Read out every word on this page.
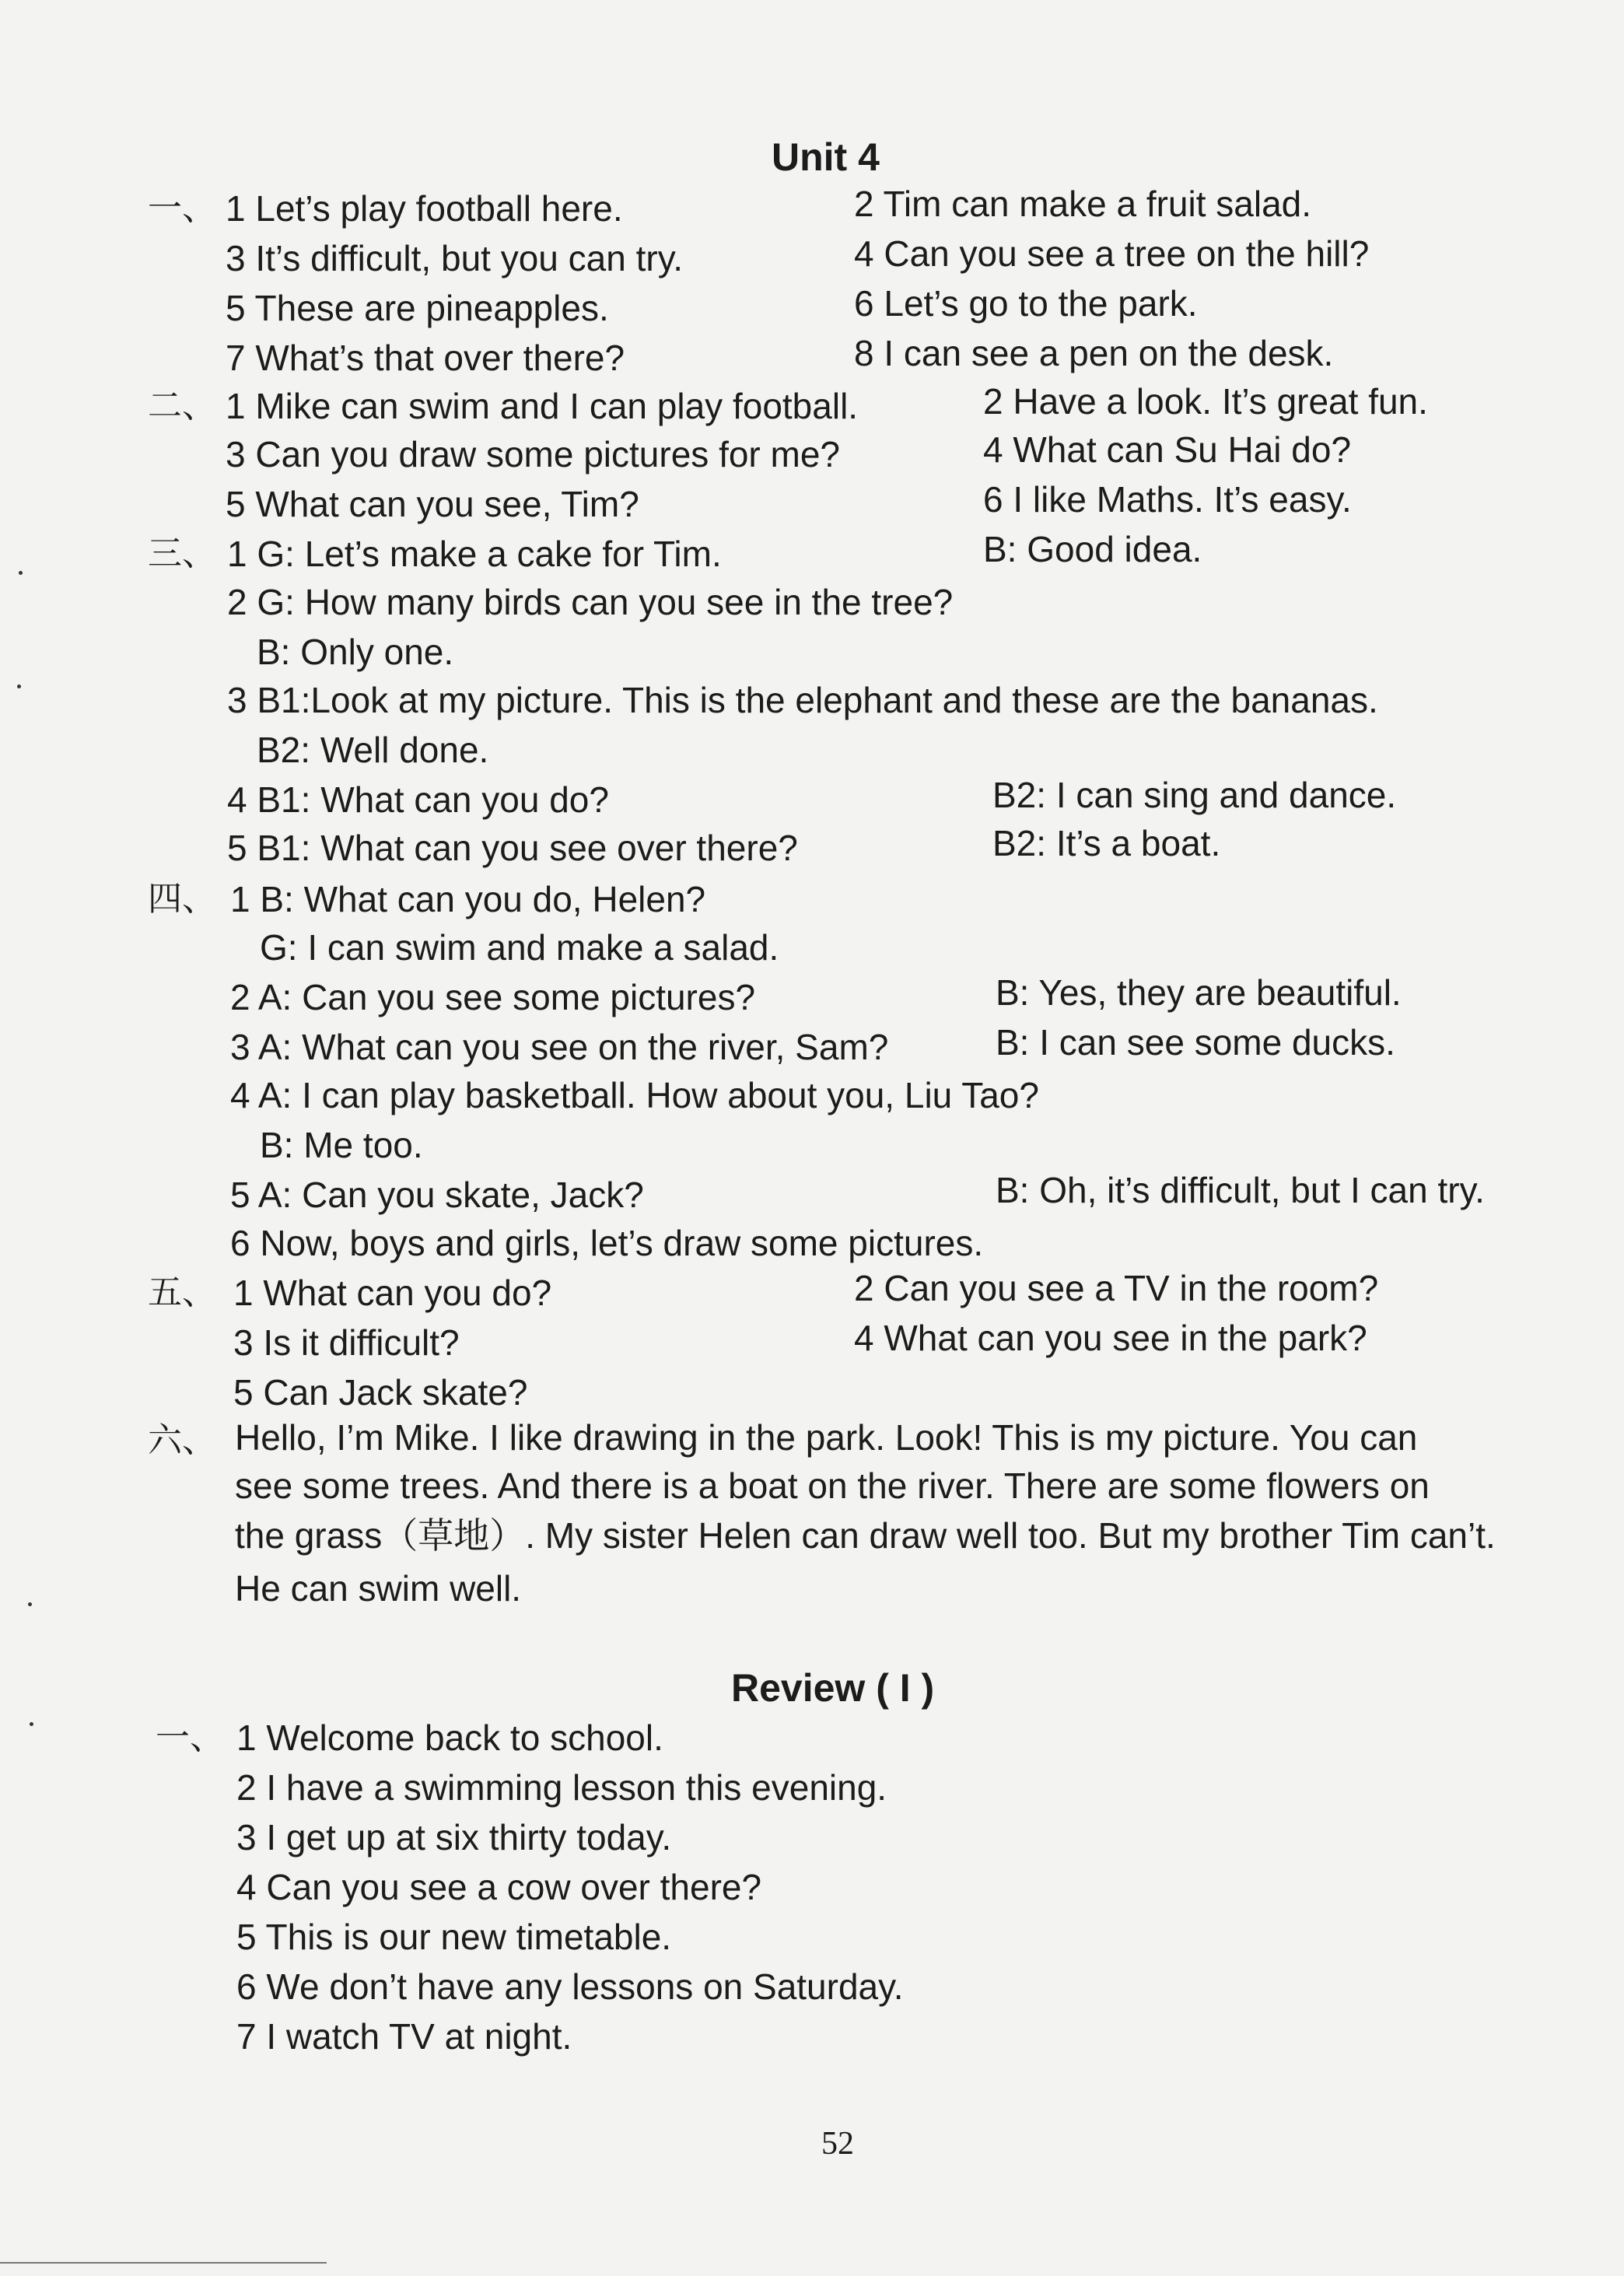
Unit 4
一、 1 Let’s play football here.	2 Tim can make a fruit salad.
3 It’s difficult, but you can try.	4 Can you see a tree on the hill?
5 These are pineapples.	6 Let’s go to the park.
7 What’s that over there?	8 I can see a pen on the desk.
二、 1 Mike can swim and I can play football.	2 Have a look. It’s great fun.
3 Can you draw some pictures for me?	4 What can Su Hai do?
5 What can you see, Tim?	6 I like Maths. It’s easy.
三、 1 G: Let’s make a cake for Tim.	B: Good idea.
2 G: How many birds can you see in the tree?
B: Only one.
3 B1:Look at my picture. This is the elephant and these are the bananas.
B2: Well done.
4 B1: What can you do?	B2: I can sing and dance.
5 B1: What can you see over there?	B2: It’s a boat.
四、 1 B: What can you do, Helen?
G: I can swim and make a salad.
2 A: Can you see some pictures?	B: Yes, they are beautiful.
3 A: What can you see on the river, Sam?	B: I can see some ducks.
4 A: I can play basketball. How about you, Liu Tao?
B: Me too.
5 A: Can you skate, Jack?	B: Oh, it’s difficult, but I can try.
6 Now, boys and girls, let’s draw some pictures.
五、 1 What can you do?	2 Can you see a TV in the room?
3 Is it difficult?	4 What can you see in the park?
5 Can Jack skate?
六、 Hello, I’m Mike. I like drawing in the park. Look! This is my picture. You can
see some trees. And there is a boat on the river. There are some flowers on
the grass（草地）. My sister Helen can draw well too. But my brother Tim can’t.
He can swim well.
Review ( I )
一、 1 Welcome back to school.
2 I have a swimming lesson this evening.
3 I get up at six thirty today.
4 Can you see a cow over there?
5 This is our new timetable.
6 We don’t have any lessons on Saturday.
7 I watch TV at night.
52
